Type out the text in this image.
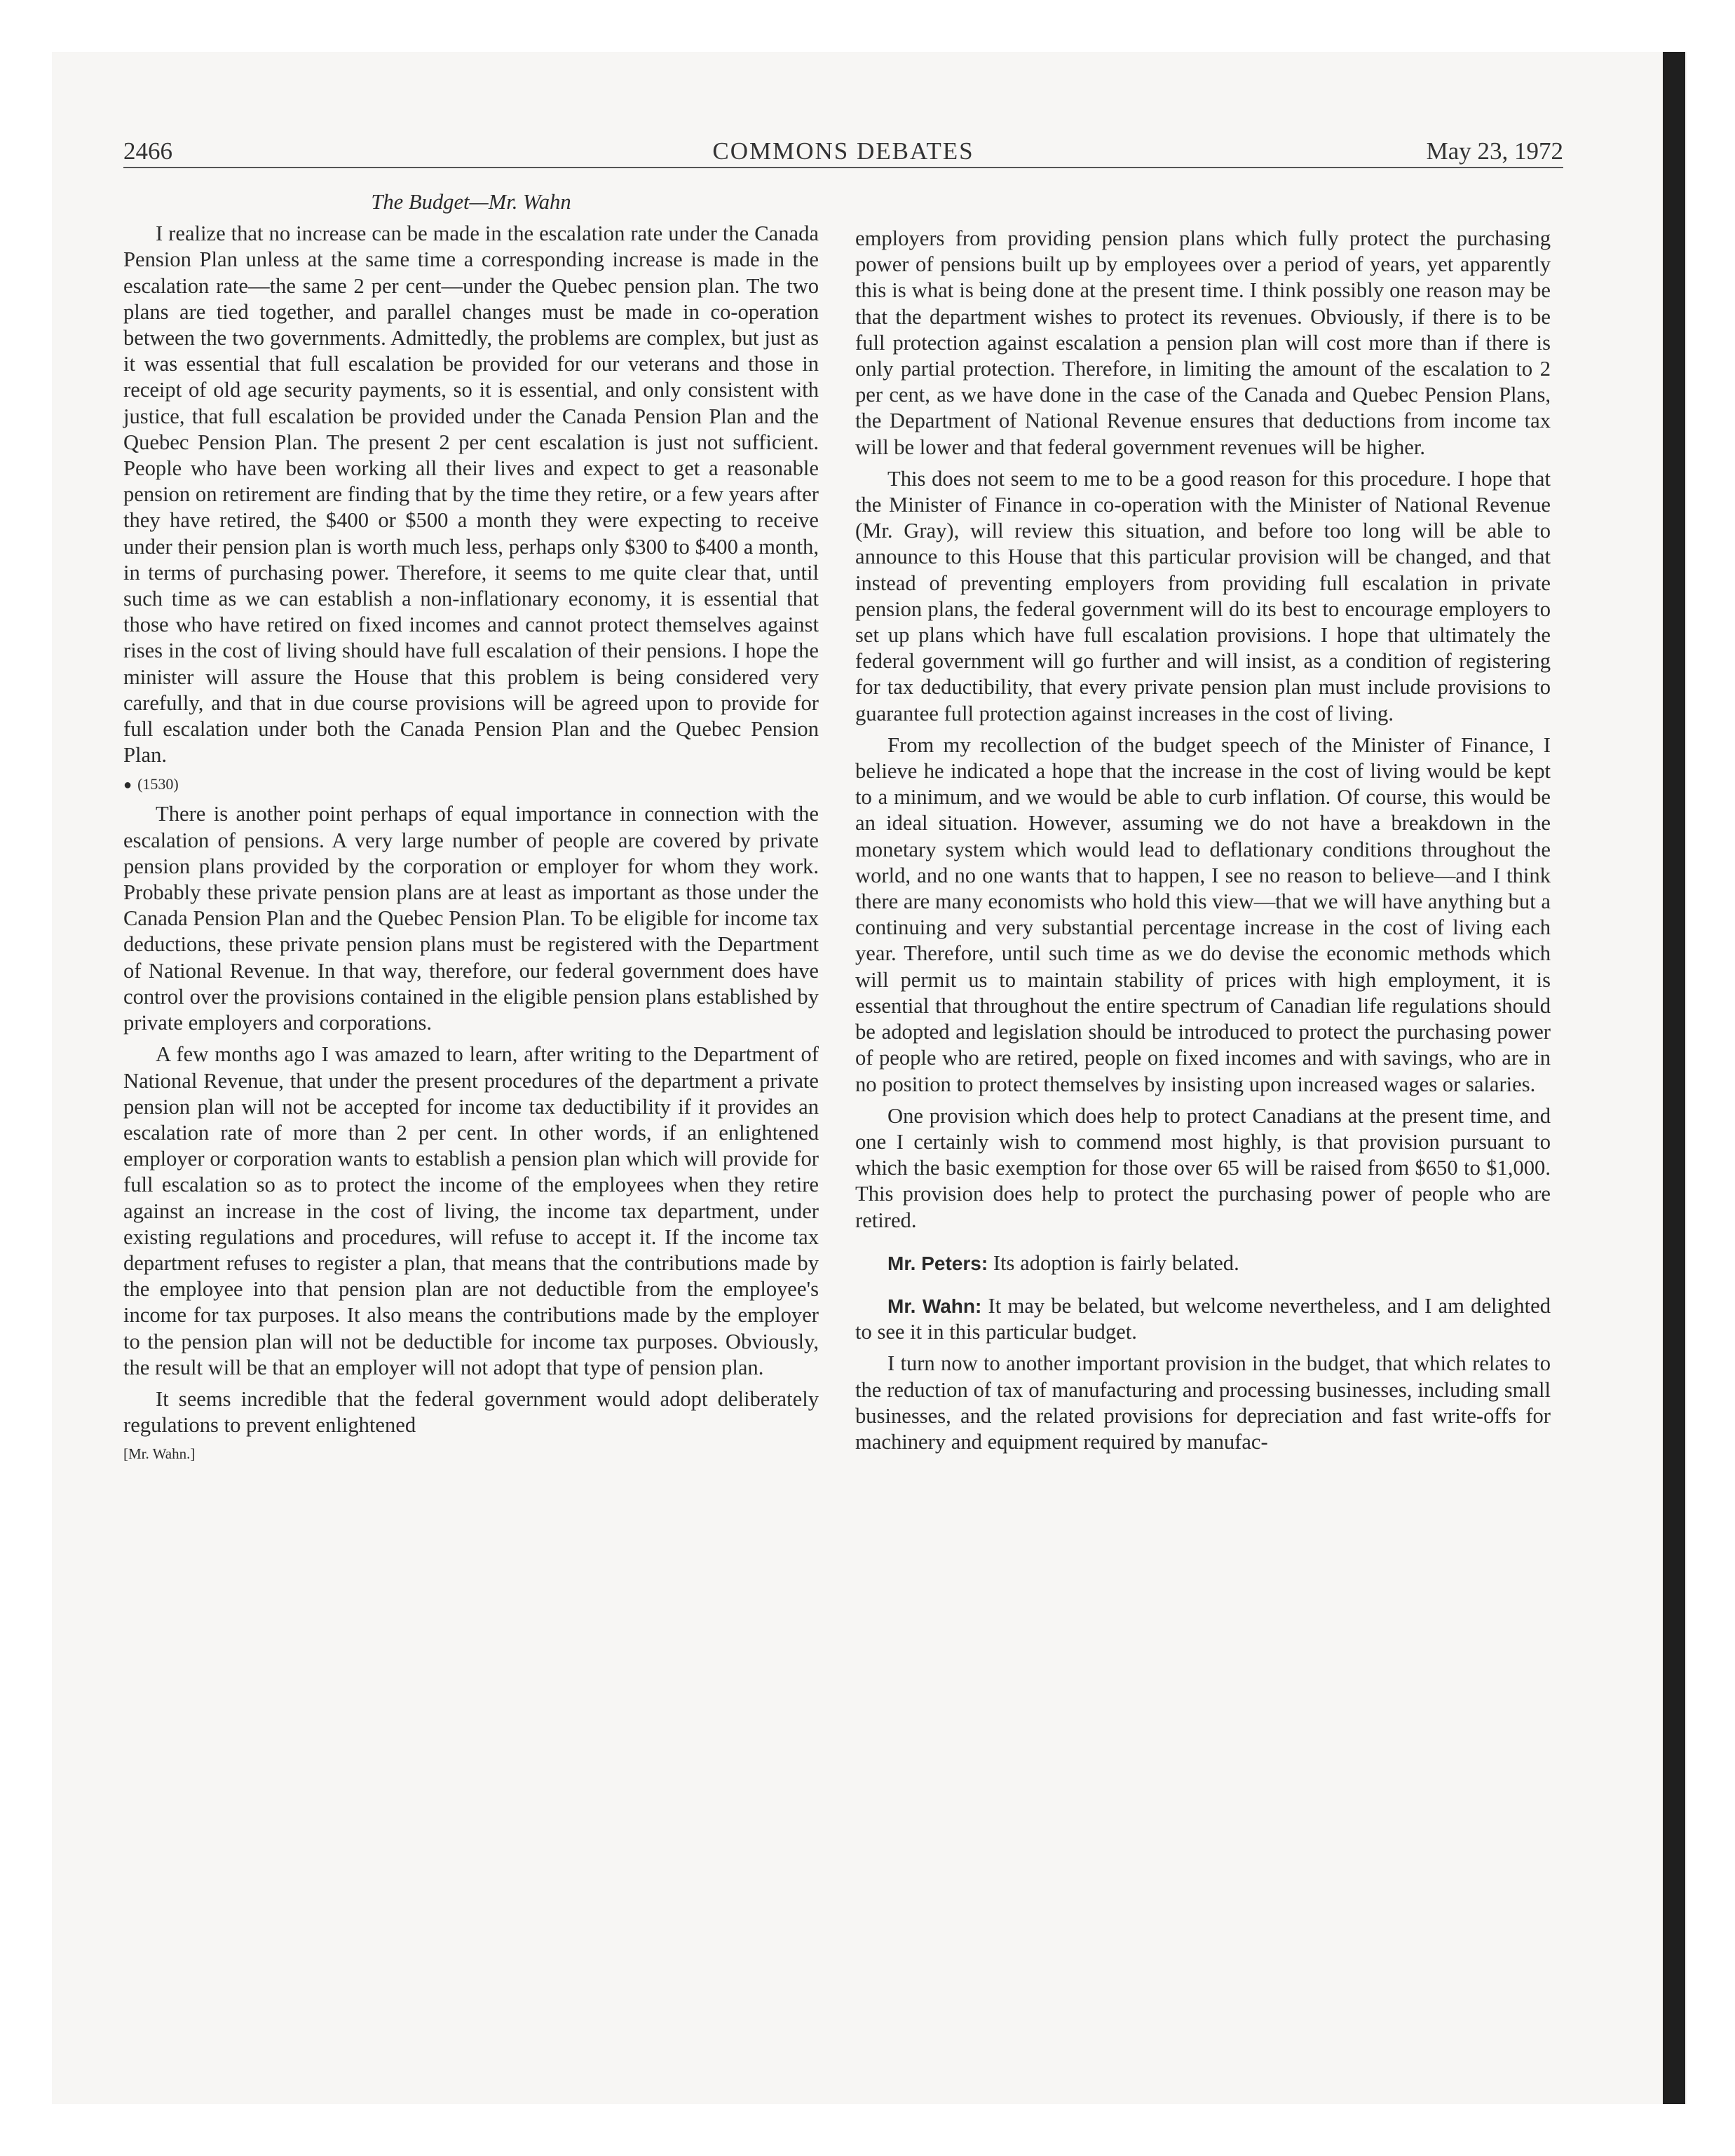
2466	COMMONS DEBATES	May 23, 1972

The Budget—Mr. Wahn

I realize that no increase can be made in the escalation rate under the Canada Pension Plan unless at the same time a corresponding increase is made in the escalation rate—the same 2 per cent—under the Quebec pension plan. The two plans are tied together, and parallel changes must be made in co-operation between the two governments. Admittedly, the problems are complex, but just as it was essential that full escalation be provided for our veterans and those in receipt of old age security payments, so it is essential, and only consistent with justice, that full escalation be provided under the Canada Pension Plan and the Quebec Pension Plan. The present 2 per cent escalation is just not sufficient. People who have been working all their lives and expect to get a reasonable pension on retirement are finding that by the time they retire, or a few years after they have retired, the $400 or $500 a month they were expecting to receive under their pension plan is worth much less, perhaps only $300 to $400 a month, in terms of purchasing power. Therefore, it seems to me quite clear that, until such time as we can establish a non-inflationary economy, it is essential that those who have retired on fixed incomes and cannot protect themselves against rises in the cost of living should have full escalation of their pensions. I hope the minister will assure the House that this problem is being considered very carefully, and that in due course provisions will be agreed upon to provide for full escalation under both the Canada Pension Plan and the Quebec Pension Plan.

● (1530)

There is another point perhaps of equal importance in connection with the escalation of pensions. A very large number of people are covered by private pension plans provided by the corporation or employer for whom they work. Probably these private pension plans are at least as important as those under the Canada Pension Plan and the Quebec Pension Plan. To be eligible for income tax deductions, these private pension plans must be registered with the Department of National Revenue. In that way, therefore, our federal government does have control over the provisions contained in the eligible pension plans established by private employers and corporations.

A few months ago I was amazed to learn, after writing to the Department of National Revenue, that under the present procedures of the department a private pension plan will not be accepted for income tax deductibility if it provides an escalation rate of more than 2 per cent. In other words, if an enlightened employer or corporation wants to establish a pension plan which will provide for full escalation so as to protect the income of the employees when they retire against an increase in the cost of living, the income tax department, under existing regulations and procedures, will refuse to accept it. If the income tax department refuses to register a plan, that means that the contributions made by the employee into that pension plan are not deductible from the employee's income for tax purposes. It also means the contributions made by the employer to the pension plan will not be deductible for income tax purposes. Obviously, the result will be that an employer will not adopt that type of pension plan.

It seems incredible that the federal government would adopt deliberately regulations to prevent enlightened

[Mr. Wahn.]

employers from providing pension plans which fully protect the purchasing power of pensions built up by employees over a period of years, yet apparently this is what is being done at the present time. I think possibly one reason may be that the department wishes to protect its revenues. Obviously, if there is to be full protection against escalation a pension plan will cost more than if there is only partial protection. Therefore, in limiting the amount of the escalation to 2 per cent, as we have done in the case of the Canada and Quebec Pension Plans, the Department of National Revenue ensures that deductions from income tax will be lower and that federal government revenues will be higher.

This does not seem to me to be a good reason for this procedure. I hope that the Minister of Finance in co-operation with the Minister of National Revenue (Mr. Gray), will review this situation, and before too long will be able to announce to this House that this particular provision will be changed, and that instead of preventing employers from providing full escalation in private pension plans, the federal government will do its best to encourage employers to set up plans which have full escalation provisions. I hope that ultimately the federal government will go further and will insist, as a condition of registering for tax deductibility, that every private pension plan must include provisions to guarantee full protection against increases in the cost of living.

From my recollection of the budget speech of the Minister of Finance, I believe he indicated a hope that the increase in the cost of living would be kept to a minimum, and we would be able to curb inflation. Of course, this would be an ideal situation. However, assuming we do not have a breakdown in the monetary system which would lead to deflationary conditions throughout the world, and no one wants that to happen, I see no reason to believe—and I think there are many economists who hold this view—that we will have anything but a continuing and very substantial percentage increase in the cost of living each year. Therefore, until such time as we do devise the economic methods which will permit us to maintain stability of prices with high employment, it is essential that throughout the entire spectrum of Canadian life regulations should be adopted and legislation should be introduced to protect the purchasing power of people who are retired, people on fixed incomes and with savings, who are in no position to protect themselves by insisting upon increased wages or salaries.

One provision which does help to protect Canadians at the present time, and one I certainly wish to commend most highly, is that provision pursuant to which the basic exemption for those over 65 will be raised from $650 to $1,000. This provision does help to protect the purchasing power of people who are retired.

Mr. Peters: Its adoption is fairly belated.

Mr. Wahn: It may be belated, but welcome nevertheless, and I am delighted to see it in this particular budget.

I turn now to another important provision in the budget, that which relates to the reduction of tax of manufacturing and processing businesses, including small businesses, and the related provisions for depreciation and fast write-offs for machinery and equipment required by manufac-
